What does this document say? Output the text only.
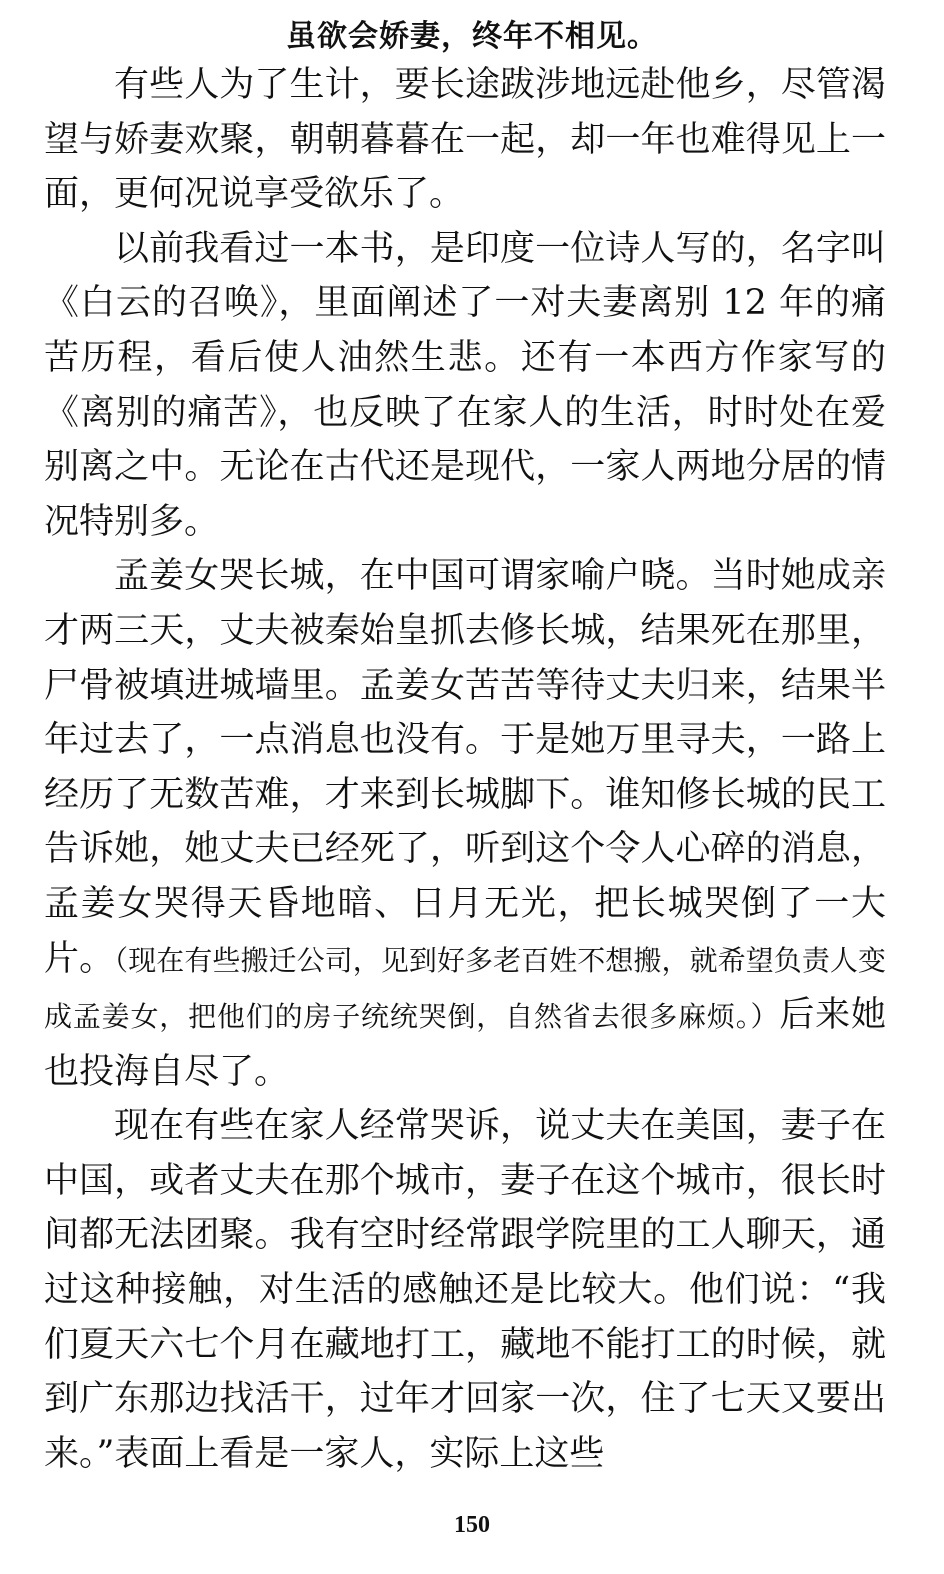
虽欲会娇妻，终年不相见。

有些人为了生计，要长途跋涉地远赴他乡，尽管渴望与娇妻欢聚，朝朝暮暮在一起，却一年也难得见上一面，更何况说享受欲乐了。

以前我看过一本书，是印度一位诗人写的，名字叫《白云的召唤》，里面阐述了一对夫妻离别 12 年的痛苦历程，看后使人油然生悲。还有一本西方作家写的《离别的痛苦》，也反映了在家人的生活，时时处在爱别离之中。无论在古代还是现代，一家人两地分居的情况特别多。

孟姜女哭长城，在中国可谓家喻户晓。当时她成亲才两三天，丈夫被秦始皇抓去修长城，结果死在那里，尸骨被填进城墙里。孟姜女苦苦等待丈夫归来，结果半年过去了，一点消息也没有。于是她万里寻夫，一路上经历了无数苦难，才来到长城脚下。谁知修长城的民工告诉她，她丈夫已经死了，听到这个令人心碎的消息，孟姜女哭得天昏地暗、日月无光，把长城哭倒了一大片。（现在有些搬迁公司，见到好多老百姓不想搬，就希望负责人变成孟姜女，把他们的房子统统哭倒，自然省去很多麻烦。）后来她也投海自尽了。

现在有些在家人经常哭诉，说丈夫在美国，妻子在中国，或者丈夫在那个城市，妻子在这个城市，很长时间都无法团聚。我有空时经常跟学院里的工人聊天，通过这种接触，对生活的感触还是比较大。他们说：“我们夏天六七个月在藏地打工，藏地不能打工的时候，就到广东那边找活干，过年才回家一次，住了七天又要出来。”表面上看是一家人，实际上这些

150
